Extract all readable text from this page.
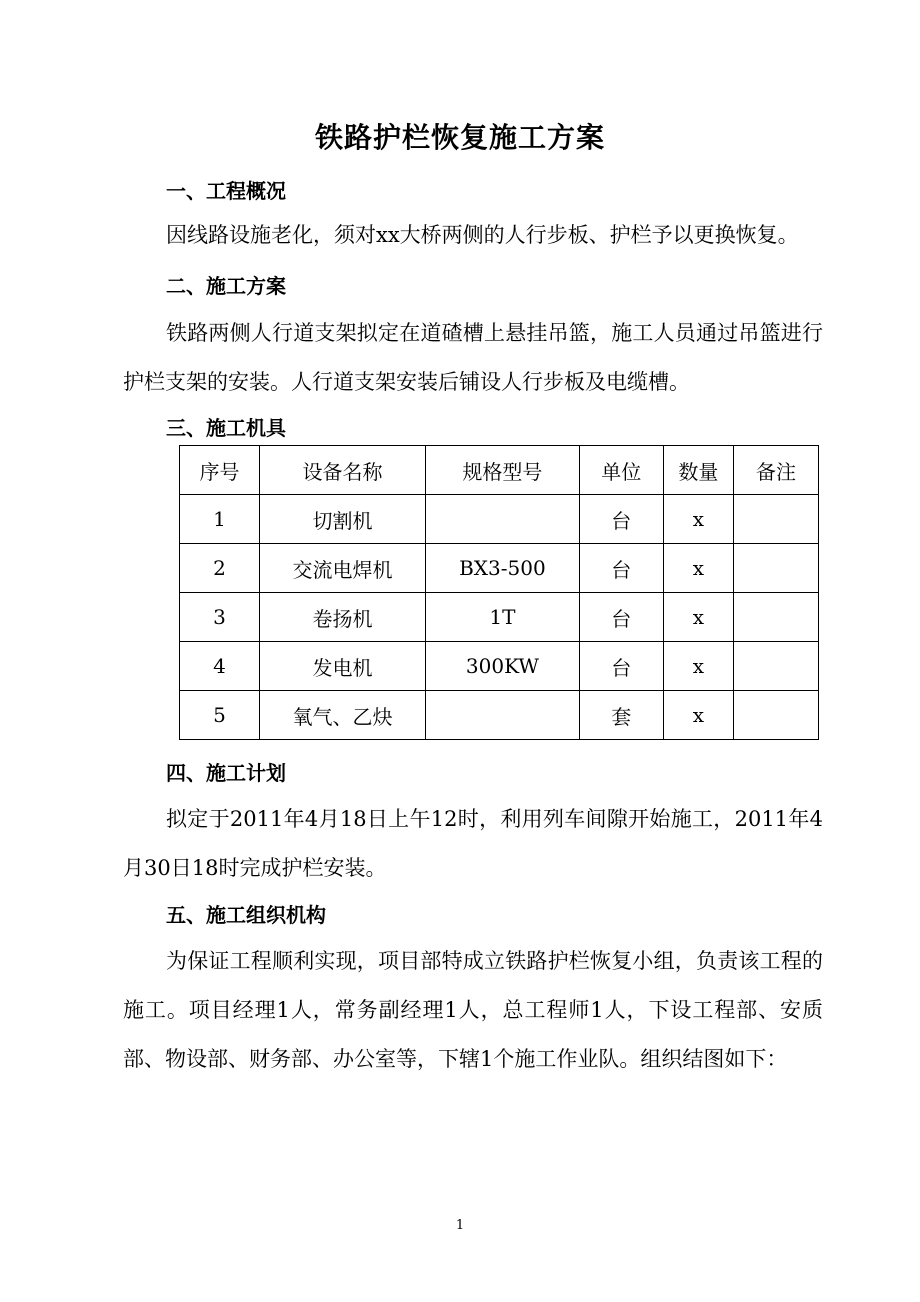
铁路护栏恢复施工方案
一、工程概况
因线路设施老化，须对xx大桥两侧的人行步板、护栏予以更换恢复。
二、施工方案
铁路两侧人行道支架拟定在道碴槽上悬挂吊篮，施工人员通过吊篮进行护栏支架的安装。人行道支架安装后铺设人行步板及电缆槽。
三、施工机具
序号	设备名称	规格型号	单位	数量	备注
1	切割机		台	x	
2	交流电焊机	BX3-500	台	x	
3	卷扬机	1T	台	x	
4	发电机	300KW	台	x	
5	氧气、乙炔		套	x	
四、施工计划
拟定于2011年4月18日上午12时，利用列车间隙开始施工，2011年4月30日18时完成护栏安装。
五、施工组织机构
为保证工程顺利实现，项目部特成立铁路护栏恢复小组，负责该工程的施工。项目经理1人，常务副经理1人，总工程师1人，下设工程部、安质部、物设部、财务部、办公室等，下辖1个施工作业队。组织结图如下：
1
